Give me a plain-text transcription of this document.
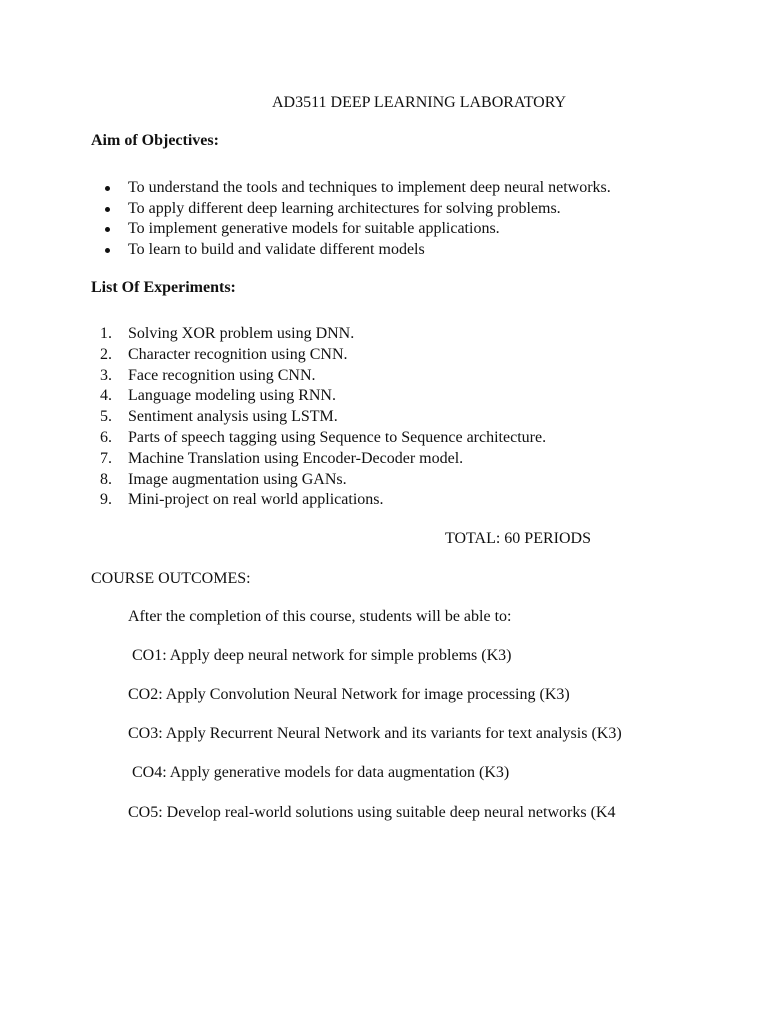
AD3511 DEEP LEARNING LABORATORY
Aim of Objectives:
To understand the tools and techniques to implement deep neural networks.
To apply different deep learning architectures for solving problems.
To implement generative models for suitable applications.
To learn to build and validate different models
List Of Experiments:
1. Solving XOR problem using DNN.
2. Character recognition using CNN.
3. Face recognition using CNN.
4. Language modeling using RNN.
5. Sentiment analysis using LSTM.
6. Parts of speech tagging using Sequence to Sequence architecture.
7. Machine Translation using Encoder-Decoder model.
8. Image augmentation using GANs.
9. Mini-project on real world applications.
TOTAL: 60 PERIODS
COURSE OUTCOMES:
After the completion of this course, students will be able to:
CO1: Apply deep neural network for simple problems (K3)
CO2: Apply Convolution Neural Network for image processing (K3)
CO3: Apply Recurrent Neural Network and its variants for text analysis (K3)
CO4: Apply generative models for data augmentation (K3)
CO5: Develop real-world solutions using suitable deep neural networks (K4
